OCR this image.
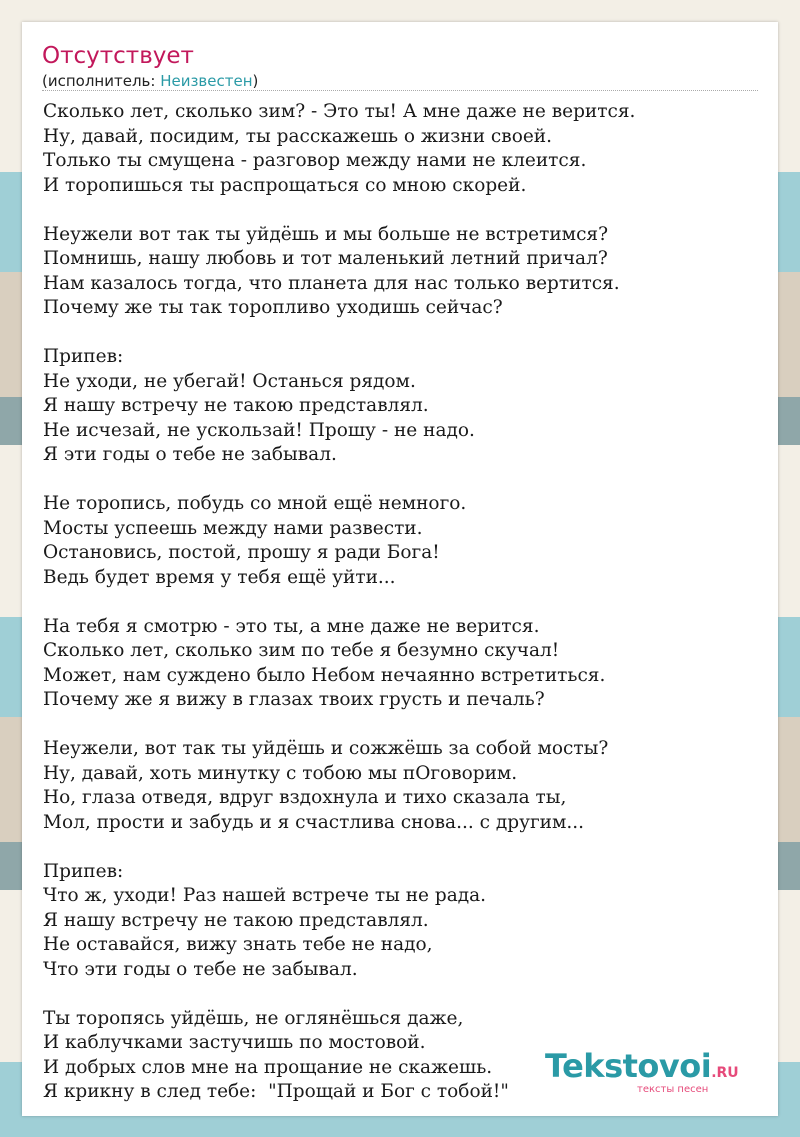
Отсутствует
(исполнитель: Неизвестен)
Сколько лет, сколько зим? - Это ты! А мне даже не верится.
Ну, давай, посидим, ты расскажешь о жизни своей.
Только ты смущена - разговор между нами не клеится.
И торопишься ты распрощаться со мною скорей.
Неужели вот так ты уйдёшь и мы больше не встретимся?
Помнишь, нашу любовь и тот маленький летний причал?
Нам казалось тогда, что планета для нас только вертится.
Почему же ты так торопливо уходишь сейчас?
Припев:
Не уходи, не убегай! Останься рядом.
Я нашу встречу не такою представлял.
Не исчезай, не ускользай! Прошу - не надо.
Я эти годы о тебе не забывал.
Не торопись, побудь со мной ещё немного.
Мосты успеешь между нами развести.
Остановись, постой, прошу я ради Бога!
Ведь будет время у тебя ещё уйти...
На тебя я смотрю - это ты, а мне даже не верится.
Сколько лет, сколько зим по тебе я безумно скучал!
Может, нам суждено было Небом нечаянно встретиться.
Почему же я вижу в глазах твоих грусть и печаль?
Неужели, вот так ты уйдёшь и сожжёшь за собой мосты?
Ну, давай, хоть минутку с тобою мы пОговорим.
Но, глаза отведя, вдруг вздохнула и тихо сказала ты,
Мол, прости и забудь и я счастлива снова... с другим...
Припев:
Что ж, уходи! Раз нашей встрече ты не рада.
Я нашу встречу не такою представлял.
Не оставайся, вижу знать тебе не надо,
Что эти годы о тебе не забывал.
Ты торопясь уйдёшь, не оглянёшься даже,
И каблучками застучишь по мостовой.
И добрых слов мне на прощание не скажешь.
Я крикну в след тебе:  "Прощай и Бог с тобой!"
Tekstovoi.RU
тексты песен
